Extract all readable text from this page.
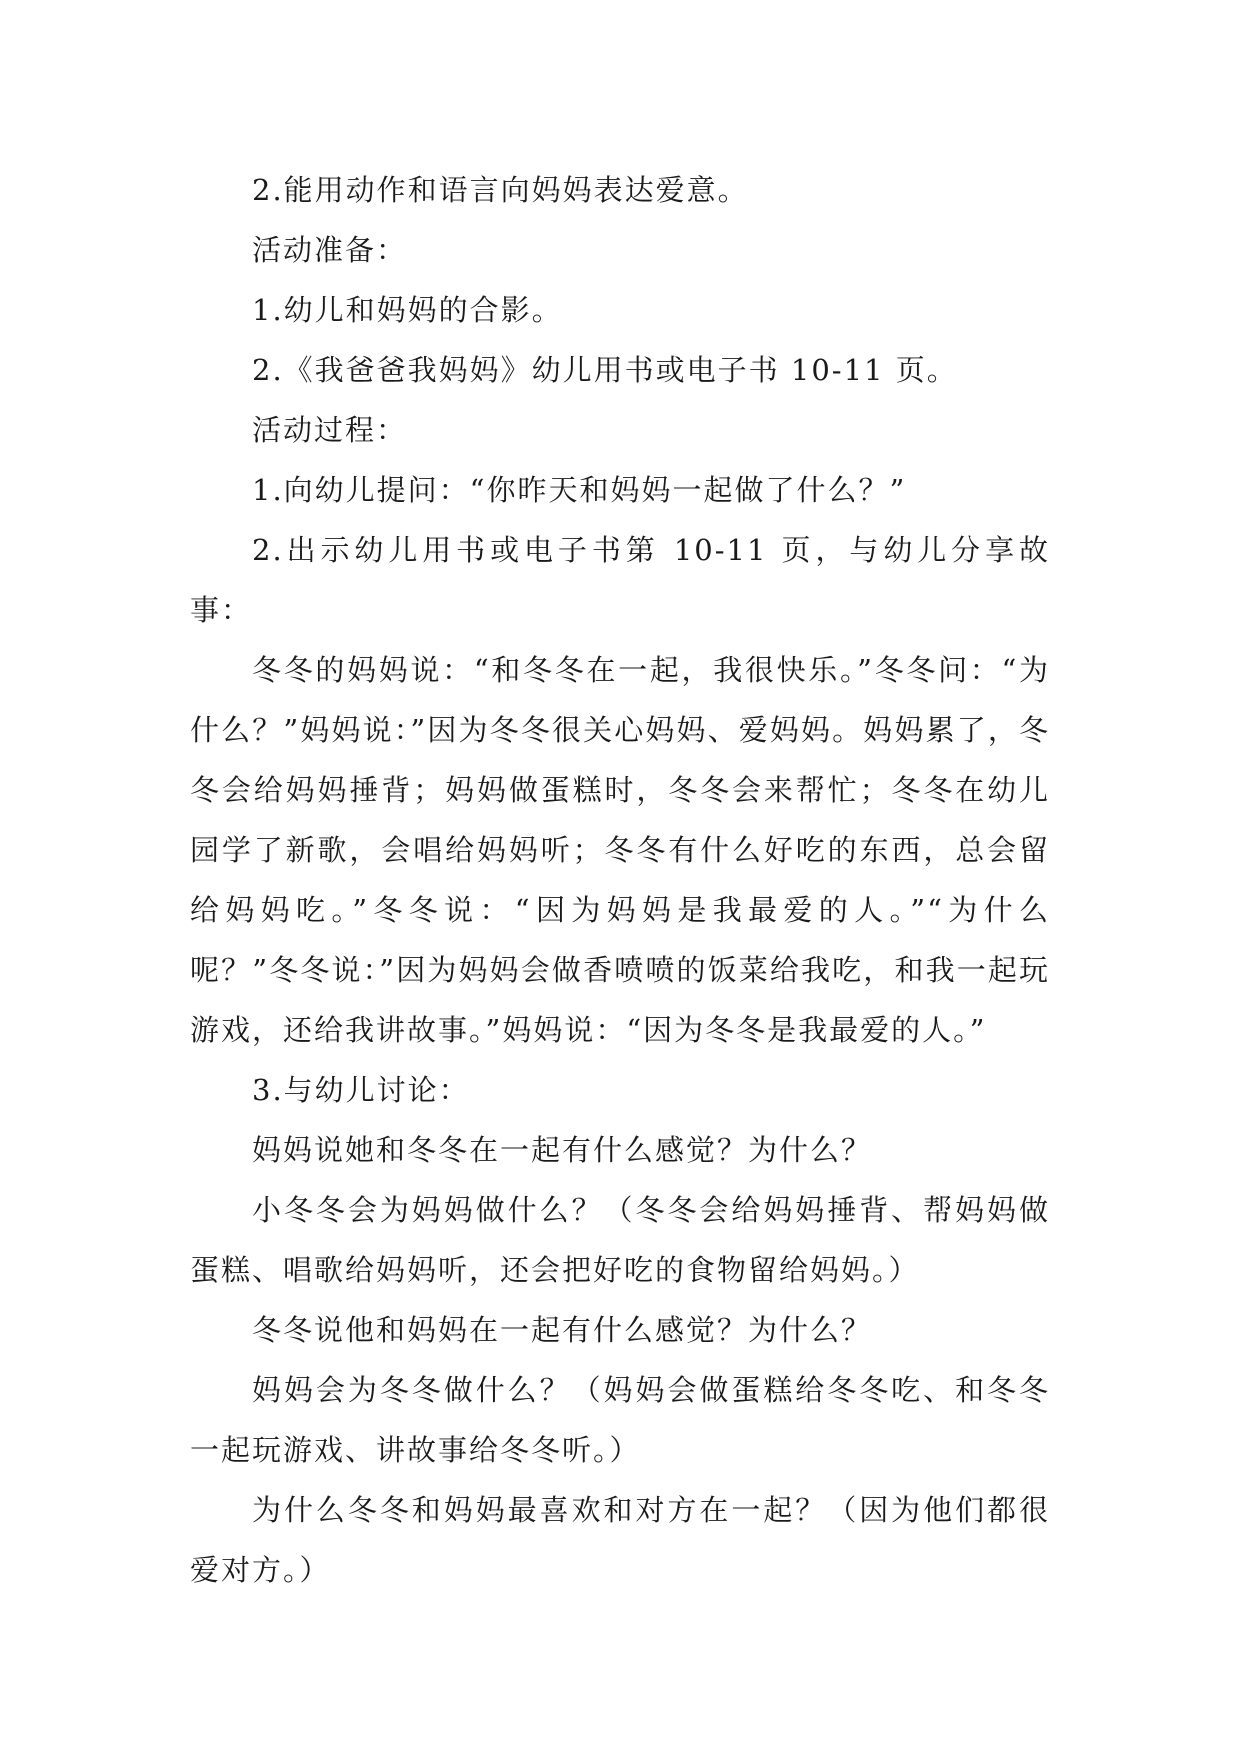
2.能用动作和语言向妈妈表达爱意。

活动准备：

1.幼儿和妈妈的合影。

2.《我爸爸我妈妈》幼儿用书或电子书 10-11 页。

活动过程：

1.向幼儿提问：“你昨天和妈妈一起做了什么？”

2.出示幼儿用书或电子书第 10-11 页，与幼儿分享故事：

冬冬的妈妈说：“和冬冬在一起，我很快乐。”冬冬问：“为什么？”妈妈说：”因为冬冬很关心妈妈、爱妈妈。妈妈累了，冬冬会给妈妈捶背；妈妈做蛋糕时，冬冬会来帮忙；冬冬在幼儿园学了新歌，会唱给妈妈听；冬冬有什么好吃的东西，总会留给妈妈吃。”冬冬说：“因为妈妈是我最爱的人。”“为什么呢？”冬冬说：”因为妈妈会做香喷喷的饭菜给我吃，和我一起玩游戏，还给我讲故事。”妈妈说：“因为冬冬是我最爱的人。”

3.与幼儿讨论：

妈妈说她和冬冬在一起有什么感觉？为什么？

小冬冬会为妈妈做什么？（冬冬会给妈妈捶背、帮妈妈做蛋糕、唱歌给妈妈听，还会把好吃的食物留给妈妈。）

冬冬说他和妈妈在一起有什么感觉？为什么？

妈妈会为冬冬做什么？（妈妈会做蛋糕给冬冬吃、和冬冬一起玩游戏、讲故事给冬冬听。）

为什么冬冬和妈妈最喜欢和对方在一起？（因为他们都很爱对方。）
